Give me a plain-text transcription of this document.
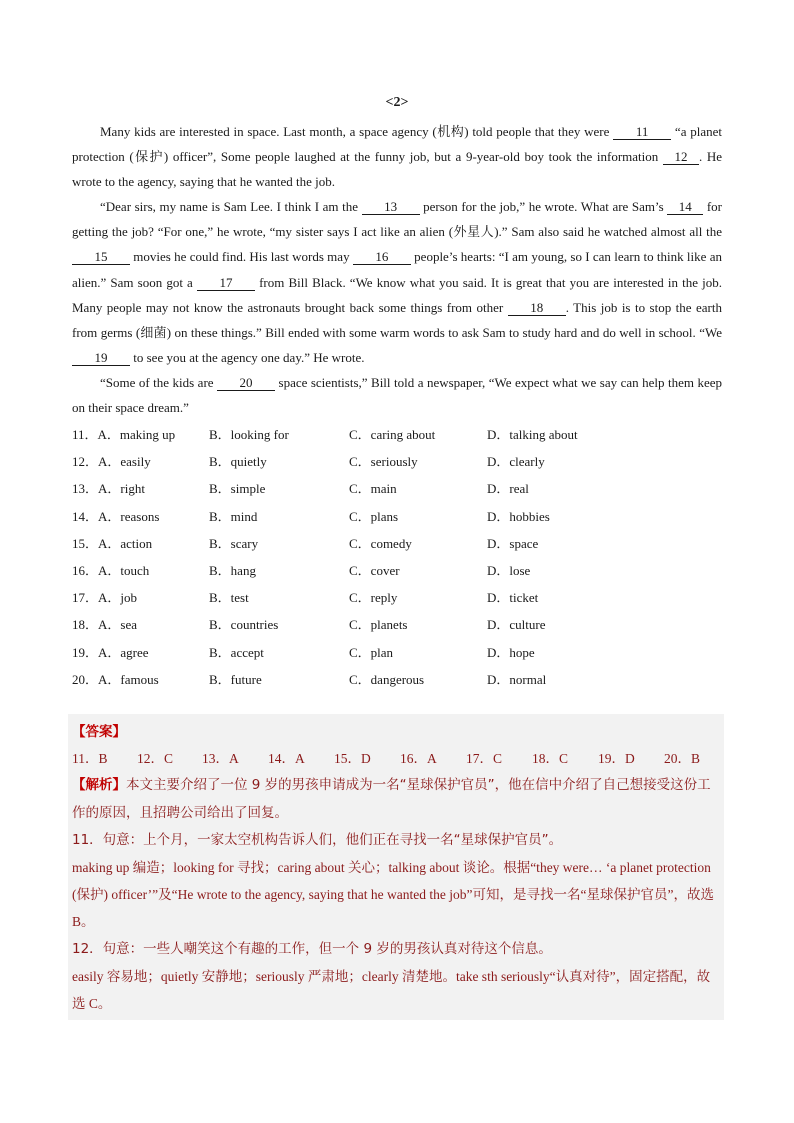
<2>

Many kids are interested in space. Last month, a space agency (机构) told people that they were 11 “a planet protection (保护) officer”, Some people laughed at the funny job, but a 9-year-old boy took the information 12 . He wrote to the agency, saying that he wanted the job.

“Dear sirs, my name is Sam Lee. I think I am the 13 person for the job,” he wrote. What are Sam’s 14 for getting the job? “For one,” he wrote, “my sister says I act like an alien (外星人).” Sam also said he watched almost all the 15 movies he could find. His last words may 16 people’s hearts: “I am young, so I can learn to think like an alien.” Sam soon got a 17 from Bill Black. “We know what you said. It is great that you are interested in the job. Many people may not know the astronauts brought back some things from other 18 . This job is to stop the earth from germs (细菌) on these things.” Bill ended with some warm words to ask Sam to study hard and do well in school. “We 19 to see you at the agency one day.” He wrote.

“Some of the kids are 20 space scientists,” Bill told a newspaper, “We expect what we say can help them keep on their space dream.”

11．A．making up	B．looking for	C．caring about	D．talking about
12．A．easily	B．quietly	C．seriously	D．clearly
13．A．right	B．simple	C．main	D．real
14．A．reasons	B．mind	C．plans	D．hobbies
15．A．action	B．scary	C．comedy	D．space
16．A．touch	B．hang	C．cover	D．lose
17．A．job	B．test	C．reply	D．ticket
18．A．sea	B．countries	C．planets	D．culture
19．A．agree	B．accept	C．plan	D．hope
20．A．famous	B．future	C．dangerous	D．normal
【答案】
11．B 12．C 13．A 14．A 15．D 16．A 17．C 18．C 19．D 20．B

【解析】本文主要介绍了一位 9 岁的男孩申请成为一名“星球保护官员”，他在信中介绍了自己想接受这份工作的原因，且招聘公司给出了回复。

11．句意：上个月，一家太空机构告诉人们，他们正在寻找一名“星球保护官员”。

making up 编造；looking for 寻找；caring about 关心；talking about 谈论。根据“they were… ‘a planet protection (保护) officer’”及“He wrote to the agency, saying that he wanted the job”可知，是寻找一名“星球保护官员”，故选 B。

12．句意：一些人嘲笑这个有趣的工作，但一个 9 岁的男孩认真对待这个信息。

easily 容易地；quietly 安静地；seriously 严肃地；clearly 清楚地。take sth seriously“认真对待”，固定搭配，故选 C。
